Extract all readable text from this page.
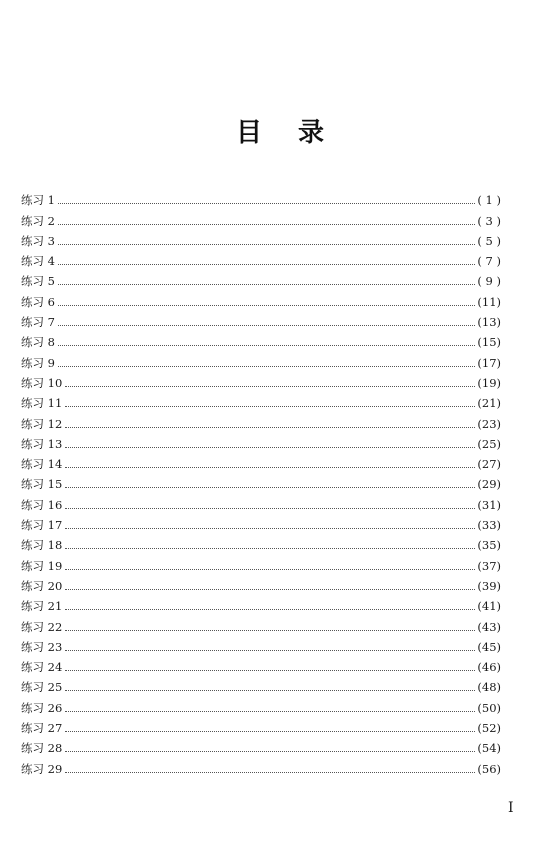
目 录
练习 1	( 1 )
练习 2	( 3 )
练习 3	( 5 )
练习 4	( 7 )
练习 5	( 9 )
练习 6	(11)
练习 7	(13)
练习 8	(15)
练习 9	(17)
练习 10	(19)
练习 11	(21)
练习 12	(23)
练习 13	(25)
练习 14	(27)
练习 15	(29)
练习 16	(31)
练习 17	(33)
练习 18	(35)
练习 19	(37)
练习 20	(39)
练习 21	(41)
练习 22	(43)
练习 23	(45)
练习 24	(46)
练习 25	(48)
练习 26	(50)
练习 27	(52)
练习 28	(54)
练习 29	(56)
I
